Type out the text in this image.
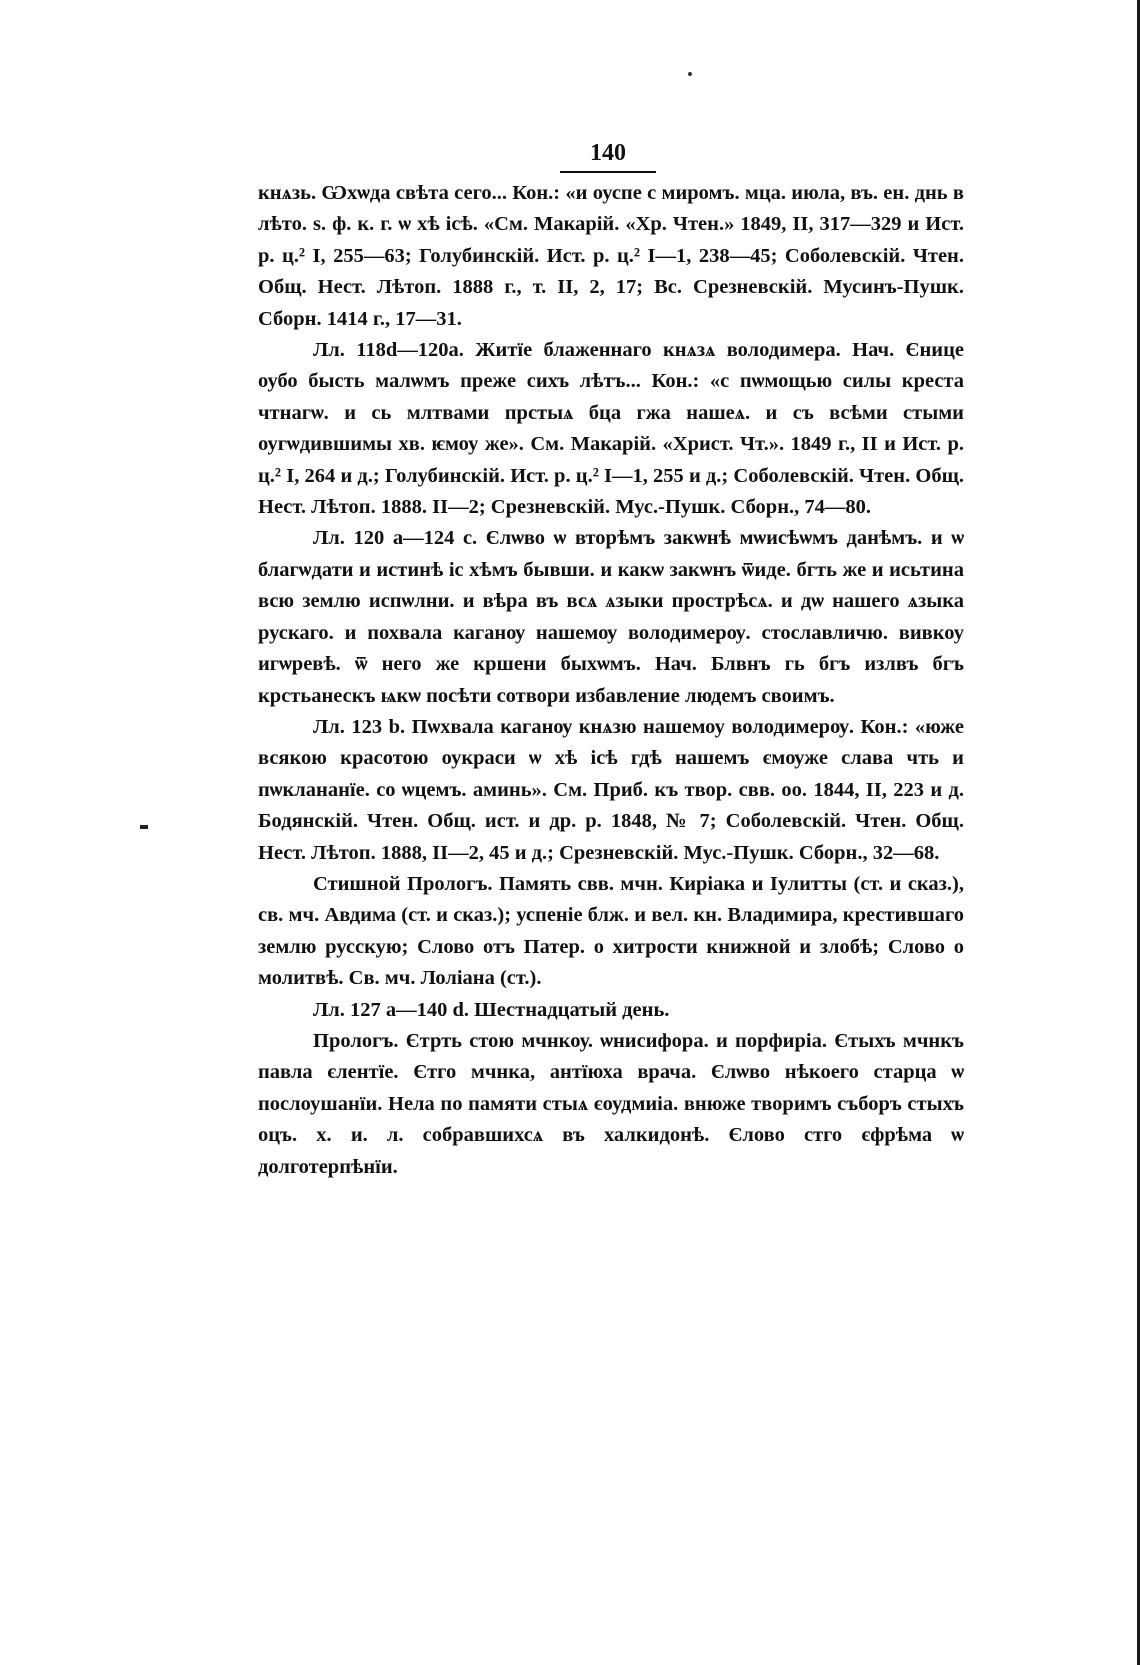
140

кнѧзь. Ѡхѡда свѣта сего... Кон.: «и оуспе с миромъ. мца. июла, въ. ен. днь в лѣто. ѕ. ф. к. г. ѡ хѣ ісѣ. «См. Макарій. «Хр. Чтен.» 1849, II, 317—329 и Ист. р. ц.² I, 255—63; Голубинскій. Ист. р. ц.² I—1, 238—45; Соболевскій. Чтен. Общ. Нест. Лѣтоп. 1888 г., т. II, 2, 17; Вс. Срезневскій. Мусинъ-Пушк. Сборн. 1414 г., 17—31.

Лл. 118d—120a. Житїе блаженнаго кнѧзѧ володимера. Нач. Єнице оубо бысть малѡмъ преже сихъ лѣтъ... Кон.: «с пѡмощью силы креста чтнагѡ. и сь млтвами прстыѧ бца гжа нашеѧ. и съ всѣми стыми оугѡдившимы хв. ѥмоу же». См. Макарій. «Христ. Чт.». 1849 г., II и Ист. р. ц.² I, 264 и д.; Голубинскій. Ист. р. ц.² I—1, 255 и д.; Соболевскій. Чтен. Общ. Нест. Лѣтоп. 1888. II—2; Срезневскій. Мус.-Пушк. Сборн., 74—80.

Лл. 120 a—124 c. Єлѡво ѡ вторѣмъ закѡнѣ мѡисѣѡмъ данѣмъ. и ѡ благѡдати и истинѣ іс хѣмъ бывши. и какѡ закѡнъ ѿиде. бгть же и исьтина всю землю испѡлни. и вѣра въ всѧ ѧзыки прострѣсѧ. и дѡ нашего ѧзыка рускаго. и похвала каганѹ нашемѹ володимерѹ. стославличю. вивкоу игѡревѣ. ѿ него же кршени быхѡмъ. Нач. Блвнъ гь бгъ излвъ бгъ крстьанескъ ѩкѡ посѣти сотвори избавление людемъ своимъ.

Лл. 123 b. Пѡхвала каганѹ кнѧзю нашемоу володимерѹ. Кон.: «юже всякою красотою оукраси ѡ хѣ ісѣ гдѣ нашемъ ємѹже слава чть и пѡклананїе. со ѡцемъ. аминь». См. Приб. къ твор. свв. оо. 1844, II, 223 и д. Бодянскій. Чтен. Общ. ист. и др. р. 1848, № 7; Соболевскій. Чтен. Общ. Нест. Лѣтоп. 1888, II—2, 45 и д.; Срезневскій. Мус.-Пушк. Сборн., 32—68.

Стишной Прологъ. Память свв. мчн. Киріака и Іулитты (ст. и сказ.), св. мч. Авдима (ст. и сказ.); успеніе блж. и вел. кн. Владимира, крестившаго землю русскую; Слово отъ Патер. о хитрости книжной и злобѣ; Слово о молитвѣ. Св. мч. Лоліана (ст.).

Лл. 127 a—140 d. Шестнадцатый день.

Прологъ. Єтрть стою мчнкоу. ѡнисифора. и порфиріа. Єтыхъ мчнкъ павла єлентїе. Єтго мчнка, антїюха врача. Єлѡво нѣкоего старца ѡ послоушанїи. Нела по памяти стыѧ єоудмиіа. внюже творимъ съборъ стыхъ оцъ. х. и. л. собравшихсѧ въ халкидонѣ. Єлово стго єфрѣма ѡ долготерпѣнїи.
